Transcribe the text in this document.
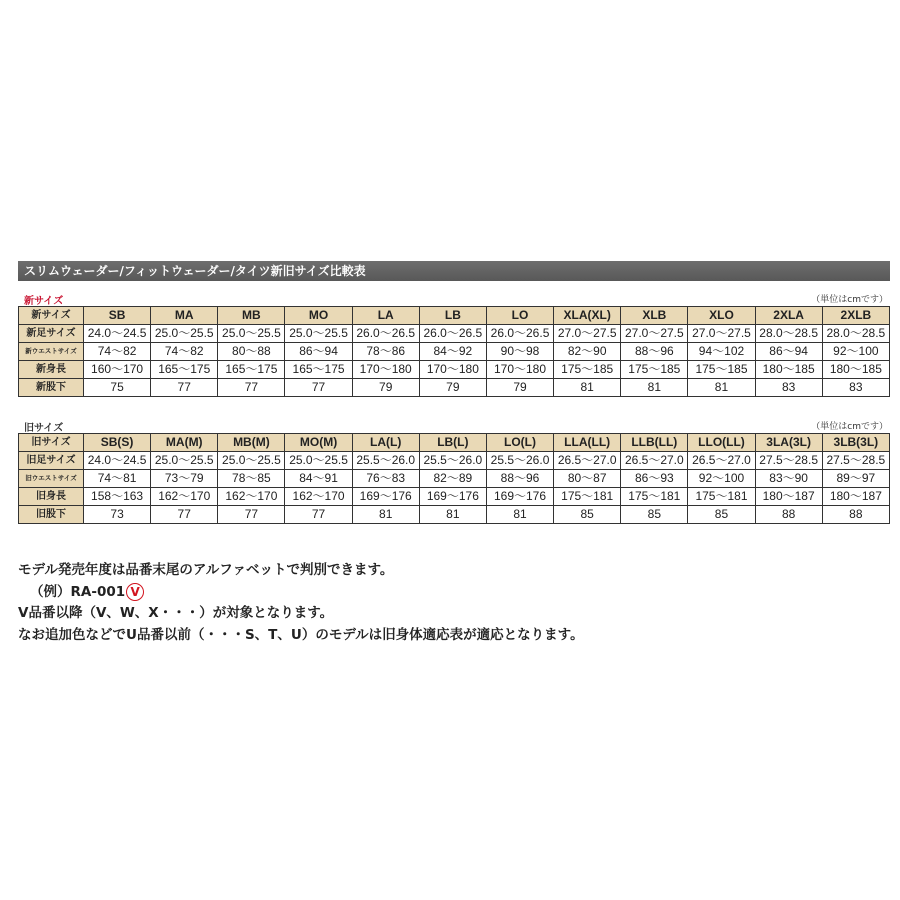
スリムウェーダー/フィットウェーダー/タイツ新旧サイズ比較表
新サイズ	（単位はcmです）
新サイズ	SB	MA	MB	MO	LA	LB	LO	XLA(XL)	XLB	XLO	2XLA	2XLB
新足サイズ	24.0～24.5	25.0～25.5	25.0～25.5	25.0～25.5	26.0～26.5	26.0～26.5	26.0～26.5	27.0～27.5	27.0～27.5	27.0～27.5	28.0～28.5	28.0～28.5
新ウエストサイズ	74～82	74～82	80～88	86～94	78～86	84～92	90～98	82～90	88～96	94～102	86～94	92～100
新身長	160～170	165～175	165～175	165～175	170～180	170～180	170～180	175～185	175～185	175～185	180～185	180～185
新股下	75	77	77	77	79	79	79	81	81	81	83	83
旧サイズ	（単位はcmです）
旧サイズ	SB(S)	MA(M)	MB(M)	MO(M)	LA(L)	LB(L)	LO(L)	LLA(LL)	LLB(LL)	LLO(LL)	3LA(3L)	3LB(3L)
旧足サイズ	24.0～24.5	25.0～25.5	25.0～25.5	25.0～25.5	25.5～26.0	25.5～26.0	25.5～26.0	26.5～27.0	26.5～27.0	26.5～27.0	27.5～28.5	27.5～28.5
旧ウエストサイズ	74～81	73～79	78～85	84～91	76～83	82～89	88～96	80～87	86～93	92～100	83～90	89～97
旧身長	158～163	162～170	162～170	162～170	169～176	169～176	169～176	175～181	175～181	175～181	180～187	180～187
旧股下	73	77	77	77	81	81	81	85	85	85	88	88
モデル発売年度は品番末尾のアルファベットで判別できます。
（例）RA-001 V
V品番以降（V、W、X・・・）が対象となります。
なお追加色などでU品番以前（・・・S、T、U）のモデルは旧身体適応表が適応となります。
